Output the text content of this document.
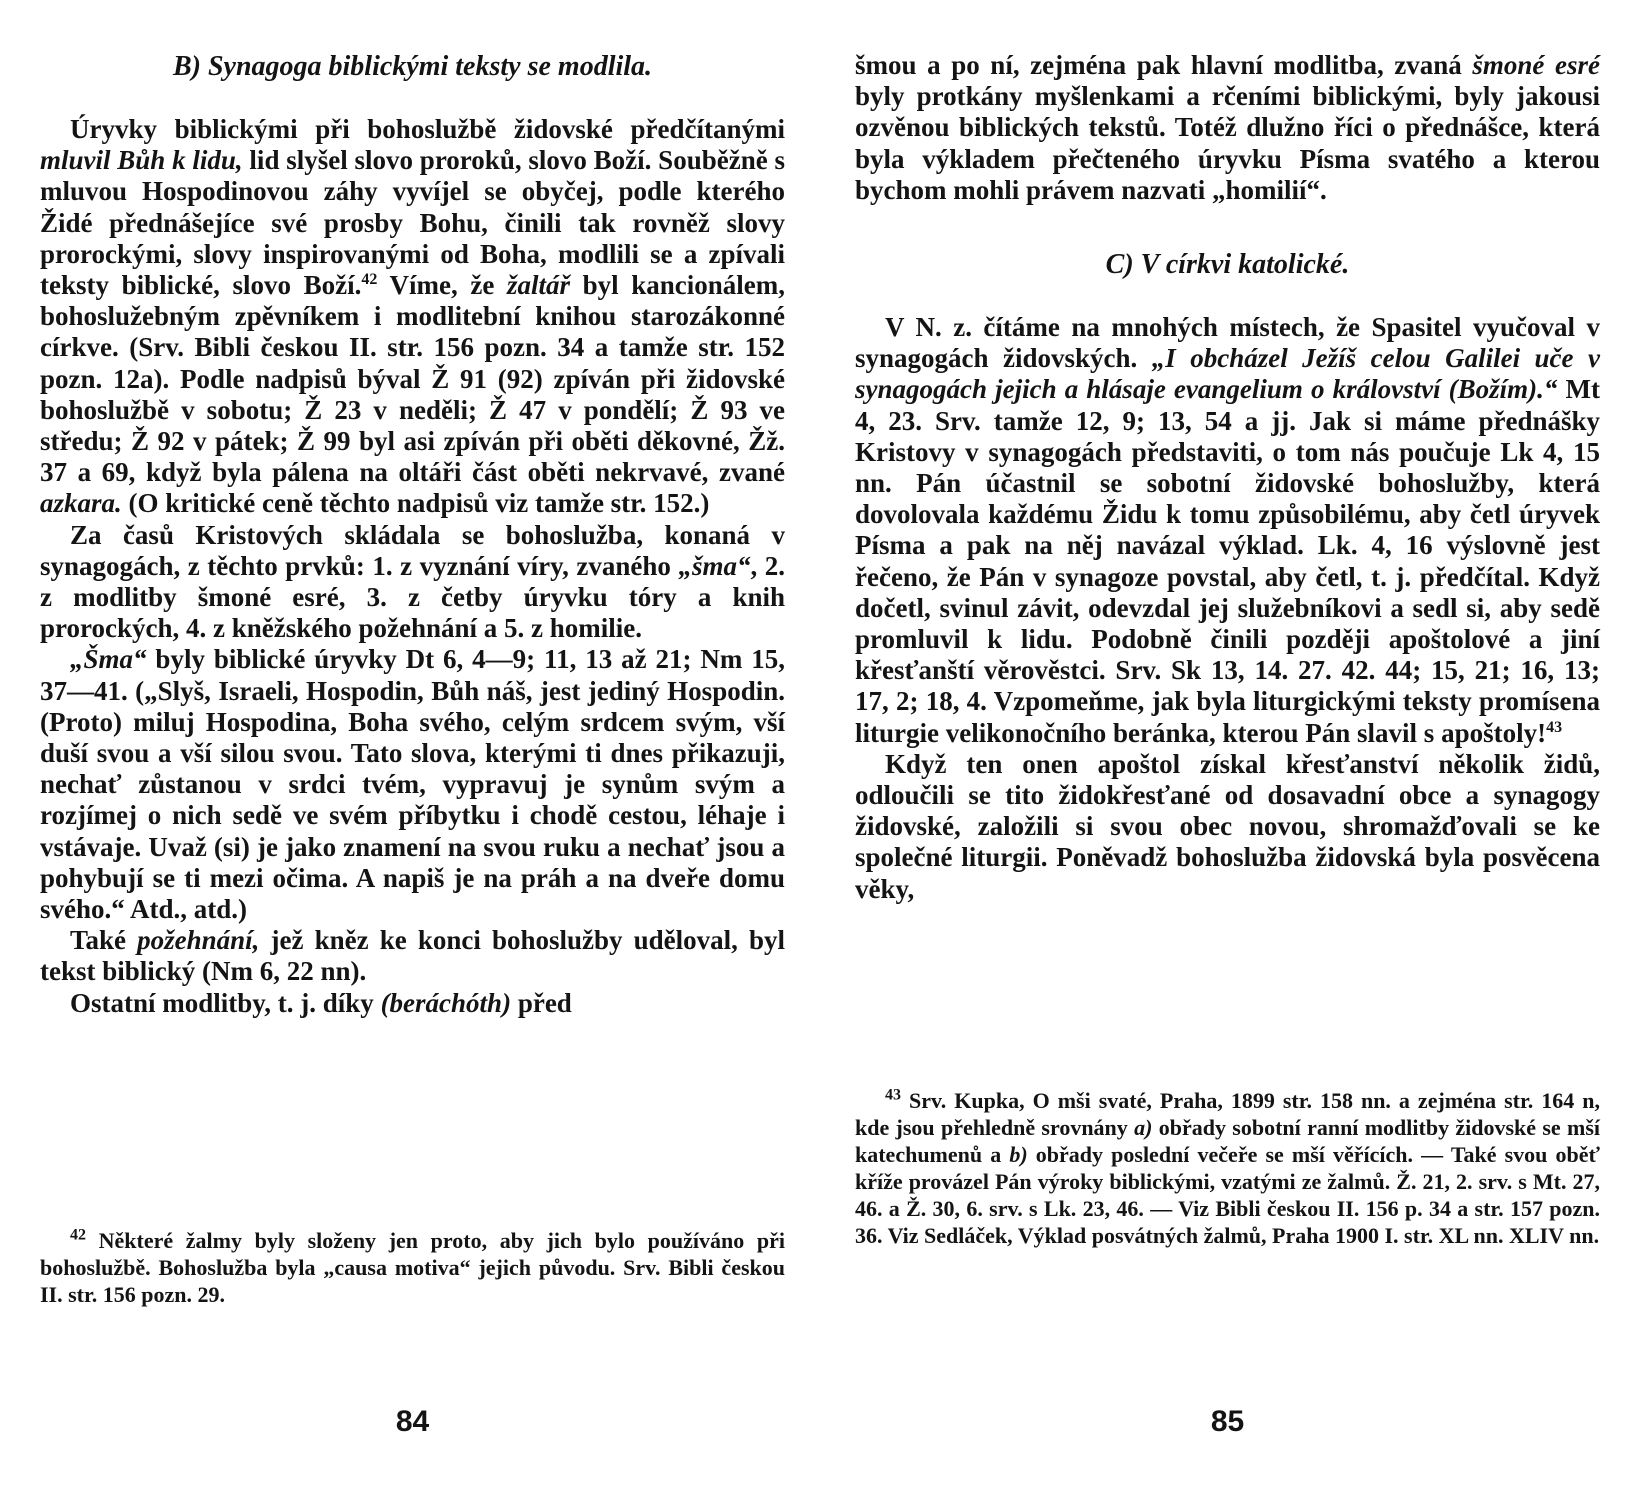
B) Synagoga biblickými teksty se modlila.

Úryvky biblickými při bohoslužbě židovské předčítanými mluvil Bůh k lidu, lid slyšel slovo proroků, slovo Boží. Souběžně s mluvou Hospodinovou záhy vyvíjel se obyčej, podle kterého Židé přednášejíce své prosby Bohu, činili tak rovněž slovy prorockými, slovy inspirovanými od Boha, modlili se a zpívali teksty biblické, slovo Boží.$^{42}$ Víme, že žaltář byl kancionálem, bohoslužebným zpěvníkem i modlitební knihou starozákonné církve. (Srv. Bibli českou II. str. 156 pozn. 34 a tamže str. 152 pozn. 12a). Podle nadpisů býval Ž 91 (92) zpíván při židovské bohoslužbě v sobotu; Ž 23 v neděli; Ž 47 v pondělí; Ž 93 ve středu; Ž 92 v pátek; Ž 99 byl asi zpíván při oběti děkovné, Žž. 37 a 69, když byla pálena na oltáři část oběti nekrvavé, zvané azkara. (O kritické ceně těchto nadpisů viz tamže str. 152.)

Za časů Kristových skládala se bohoslužba, konaná v synagogách, z těchto prvků: 1. z vyznání víry, zvaného „šma“, 2. z modlitby šmoné esré, 3. z četby úryvku tóry a knih prorockých, 4. z kněžského požehnání a 5. z homilie.

„Šma“ byly biblické úryvky Dt 6, 4—9; 11, 13 až 21; Nm 15, 37—41. („Slyš, Israeli, Hospodin, Bůh náš, jest jediný Hospodin. (Proto) miluj Hospodina, Boha svého, celým srdcem svým, vší duší svou a vší silou svou. Tato slova, kterými ti dnes přikazuji, nechať zůstanou v srdci tvém, vypravuj je synům svým a rozjímej o nich sedě ve svém příbytku i chodě cestou, léhaje i vstávaje. Uvaž (si) je jako znamení na svou ruku a nechať jsou a pohybují se ti mezi očima. A napiš je na práh a na dveře domu svého.“ Atd., atd.)

Také požehnání, jež kněz ke konci bohoslužby uděloval, byl tekst biblický (Nm 6, 22 nn).

Ostatní modlitby, t. j. díky (beráchóth) před

$^{42}$ Některé žalmy byly složeny jen proto, aby jich bylo používáno při bohoslužbě. Bohoslužba byla „causa motiva“ jejich původu. Srv. Bibli českou II. str. 156 pozn. 29.

84

šmou a po ní, zejména pak hlavní modlitba, zvaná šmoné esré byly protkány myšlenkami a rčeními biblickými, byly jakousi ozvěnou biblických tekstů. Totéž dlužno říci o přednášce, která byla výkladem přečteného úryvku Písma svatého a kterou bychom mohli právem nazvati „homilií“.

C) V církvi katolické.

V N. z. čítáme na mnohých místech, že Spasitel vyučoval v synagogách židovských. „I obcházel Ježíš celou Galilei uče v synagogách jejich a hlásaje evangelium o království (Božím).“ Mt 4, 23. Srv. tamže 12, 9; 13, 54 a jj. Jak si máme přednášky Kristovy v synagogách představiti, o tom nás poučuje Lk 4, 15 nn. Pán účastnil se sobotní židovské bohoslužby, která dovolovala každému Židu k tomu způsobilému, aby četl úryvek Písma a pak na něj navázal výklad. Lk. 4, 16 výslovně jest řečeno, že Pán v synagoze povstal, aby četl, t. j. předčítal. Když dočetl, svinul závit, odevzdal jej služebníkovi a sedl si, aby sedě promluvil k lidu. Podobně činili později apoštolové a jiní křesťanští věrověstci. Srv. Sk 13, 14. 27. 42. 44; 15, 21; 16, 13; 17, 2; 18, 4. Vzpomeňme, jak byla liturgickými teksty promísena liturgie velikonočního beránka, kterou Pán slavil s apoštoly!$^{43}$

Když ten onen apoštol získal křesťanství několik židů, odloučili se tito židokřesťané od dosavadní obce a synagogy židovské, založili si svou obec novou, shromažďovali se ke společné liturgii. Poněvadž bohoslužba židovská byla posvěcena věky,

$^{43}$ Srv. Kupka, O mši svaté, Praha, 1899 str. 158 nn. a zejména str. 164 n, kde jsou přehledně srovnány a) obřady sobotní ranní modlitby židovské se mší katechumenů a b) obřady poslední večeře se mší věřících. — Také svou oběť kříže provázel Pán výroky biblickými, vzatými ze žalmů. Ž. 21, 2. srv. s Mt. 27, 46. a Ž. 30, 6. srv. s Lk. 23, 46. — Viz Bibli českou II. 156 p. 34 a str. 157 pozn. 36. Viz Sedláček, Výklad posvátných žalmů, Praha 1900 I. str. XL nn. XLIV nn.

85
